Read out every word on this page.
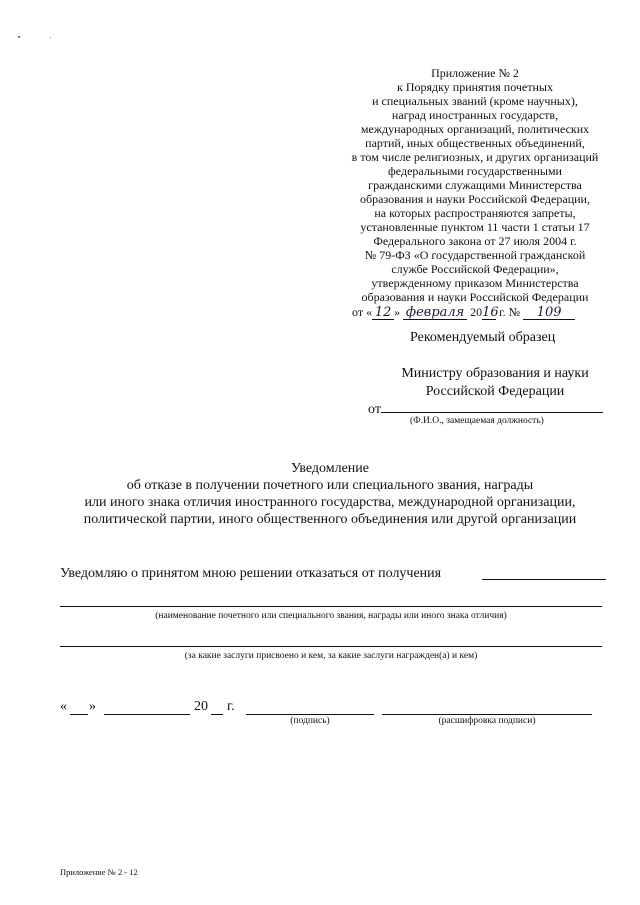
Приложение № 2
к Порядку принятия почетных
и специальных званий (кроме научных),
наград иностранных государств,
международных организаций, политических
партий, иных общественных объединений,
в том числе религиозных, и других организаций
федеральными государственными
гражданскими служащими Министерства
образования и науки Российской Федерации,
на которых распространяются запреты,
установленные пунктом 11 части 1 статьи 17
Федерального закона от 27 июля 2004 г.
№ 79-ФЗ «О государственной гражданской
службе Российской Федерации»,
утвержденному приказом Министерства
образования и науки Российской Федерации
от « 12 » февраля 2016 г. № 109
Рекомендуемый образец
Министру образования и науки
Российской Федерации
от
(Ф.И.О., замещаемая должность)
Уведомление
об отказе в получении почетного или специального звания, награды
или иного знака отличия иностранного государства, международной организации,
политической партии, иного общественного объединения или другой организации
Уведомляю о принятом мною решении отказаться от получения
(наименование почетного или специального звания, награды или иного знака отличия)
(за какие заслуги присвоено и кем, за какие заслуги награжден(а) и кем)
« »	20 г.
(подпись)	(расшифровка подписи)
Приложение № 2 - 12
